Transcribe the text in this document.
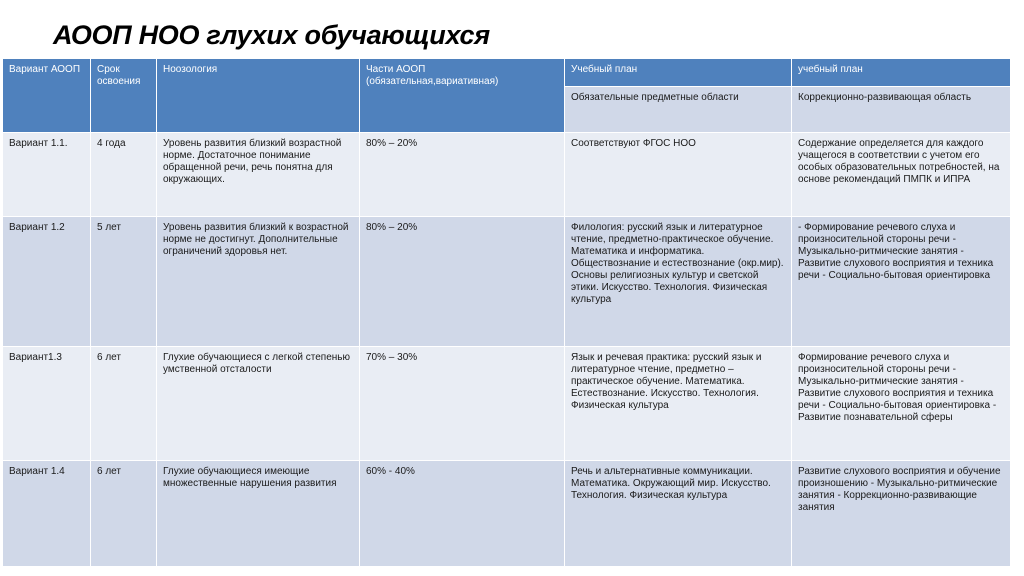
АООП НОО глухих обучающихся
Вариант АООП	Срок освоения	Ноозология	Части АООП (обязательная,вариативная)	Учебный план	учебный план
				Обязательные предметные области	Коррекционно-развивающая область
Вариант 1.1.	4 года	Уровень развития близкий возрастной норме. Достаточное понимание обращенной речи, речь понятна для окружающих.	80% – 20%	Соответствуют ФГОС НОО	Содержание определяется для каждого учащегося в соответствии с учетом его особых образовательных потребностей, на основе рекомендаций ПМПК и ИПРА
Вариант 1.2	5 лет	Уровень развития близкий к возрастной норме не достигнут. Дополнительные ограничений здоровья нет.	80% – 20%	Филология: русский язык и литературное чтение, предметно-практическое обучение. Математика и информатика. Обществознание и естествознание (окр.мир). Основы религиозных культур и светской этики. Искусство. Технология. Физическая культура	- Формирование речевого слуха и произносительной стороны речи - Музыкально-ритмические занятия - Развитие слухового восприятия и техника речи - Социально-бытовая ориентировка
Вариант1.3	6 лет	Глухие обучающиеся с легкой степенью умственной отсталости	70% – 30%	Язык и речевая практика: русский язык и литературное чтение, предметно – практическое обучение. Математика. Естествознание. Искусство. Технология. Физическая культура	Формирование речевого слуха и произносительной стороны речи - Музыкально-ритмические занятия - Развитие слухового восприятия и техника речи - Социально-бытовая ориентировка - Развитие познавательной сферы
Вариант 1.4	6 лет	Глухие обучающиеся имеющие множественные нарушения развития	60% - 40%	Речь и альтернативные коммуникации. Математика. Окружающий мир. Искусство. Технология. Физическая культура	Развитие слухового восприятия и обучение произношению - Музыкально-ритмические занятия - Коррекционно-развивающие занятия
